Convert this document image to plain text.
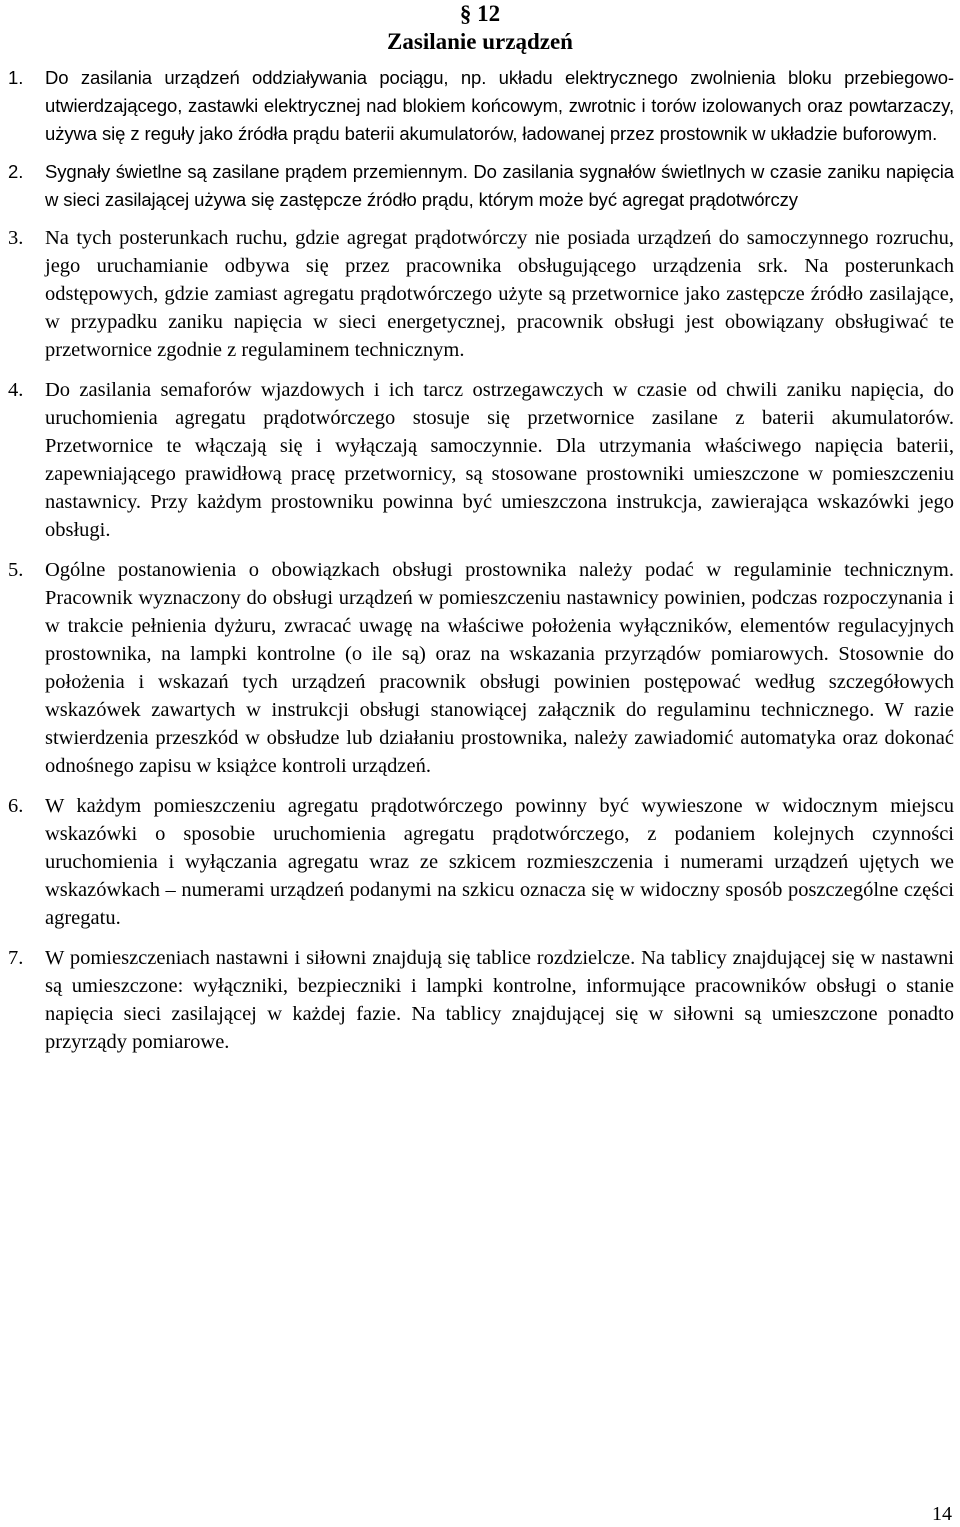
§ 12
Zasilanie urządzeń
1. Do zasilania urządzeń oddziaływania pociągu, np. układu elektrycznego zwolnienia bloku przebiegowo-utwierdzającego, zastawki elektrycznej nad blokiem końcowym, zwrotnic i torów izolowanych oraz powtarzaczy, używa się z reguły jako źródła prądu baterii akumulatorów, ładowanej przez prostownik w układzie buforowym.
2. Sygnały świetlne są zasilane prądem przemiennym. Do zasilania sygnałów świetlnych w czasie zaniku napięcia w sieci zasilającej używa się zastępcze źródło prądu, którym może być agregat prądotwórczy
3. Na tych posterunkach ruchu, gdzie agregat prądotwórczy nie posiada urządzeń do samoczynnego rozruchu, jego uruchamianie odbywa się przez pracownika obsługującego urządzenia srk. Na posterunkach odstępowych, gdzie zamiast agregatu prądotwórczego użyte są przetwornice jako zastępcze źródło zasilające, w przypadku zaniku napięcia w sieci energetycznej, pracownik obsługi jest obowiązany obsługiwać te przetwornice zgodnie z regulaminem technicznym.
4. Do zasilania semaforów wjazdowych i ich tarcz ostrzegawczych w czasie od chwili zaniku napięcia, do uruchomienia agregatu prądotwórczego stosuje się przetwornice zasilane z baterii akumulatorów. Przetwornice te włączają się i wyłączają samoczynnie. Dla utrzymania właściwego napięcia baterii, zapewniającego prawidłową pracę przetwornicy, są stosowane prostowniki umieszczone w pomieszczeniu nastawnicy. Przy każdym prostowniku powinna być umieszczona instrukcja, zawierająca wskazówki jego obsługi.
5. Ogólne postanowienia o obowiązkach obsługi prostownika należy podać w regulaminie technicznym. Pracownik wyznaczony do obsługi urządzeń w pomieszczeniu nastawnicy powinien, podczas rozpoczynania i w trakcie pełnienia dyżuru, zwracać uwagę na właściwe położenia wyłączników, elementów regulacyjnych prostownika, na lampki kontrolne (o ile są) oraz na wskazania przyrządów pomiarowych. Stosownie do położenia i wskazań tych urządzeń pracownik obsługi powinien postępować według szczegółowych wskazówek zawartych w instrukcji obsługi stanowiącej załącznik do regulaminu technicznego. W razie stwierdzenia przeszkód w obsłudze lub działaniu prostownika, należy zawiadomić automatyka oraz dokonać odnośnego zapisu w książce kontroli urządzeń.
6. W każdym pomieszczeniu agregatu prądotwórczego powinny być wywieszone w widocznym miejscu wskazówki o sposobie uruchomienia agregatu prądotwórczego, z podaniem kolejnych czynności uruchomienia i wyłączania agregatu wraz ze szkicem rozmieszczenia i numerami urządzeń ujętych we wskazówkach – numerami urządzeń podanymi na szkicu oznacza się w widoczny sposób poszczególne części agregatu.
7. W pomieszczeniach nastawni i siłowni znajdują się tablice rozdzielcze. Na tablicy znajdującej się w nastawni są umieszczone: wyłączniki, bezpieczniki i lampki kontrolne, informujące pracowników obsługi o stanie napięcia sieci zasilającej w każdej fazie. Na tablicy znajdującej się w siłowni są umieszczone ponadto przyrządy pomiarowe.
14
